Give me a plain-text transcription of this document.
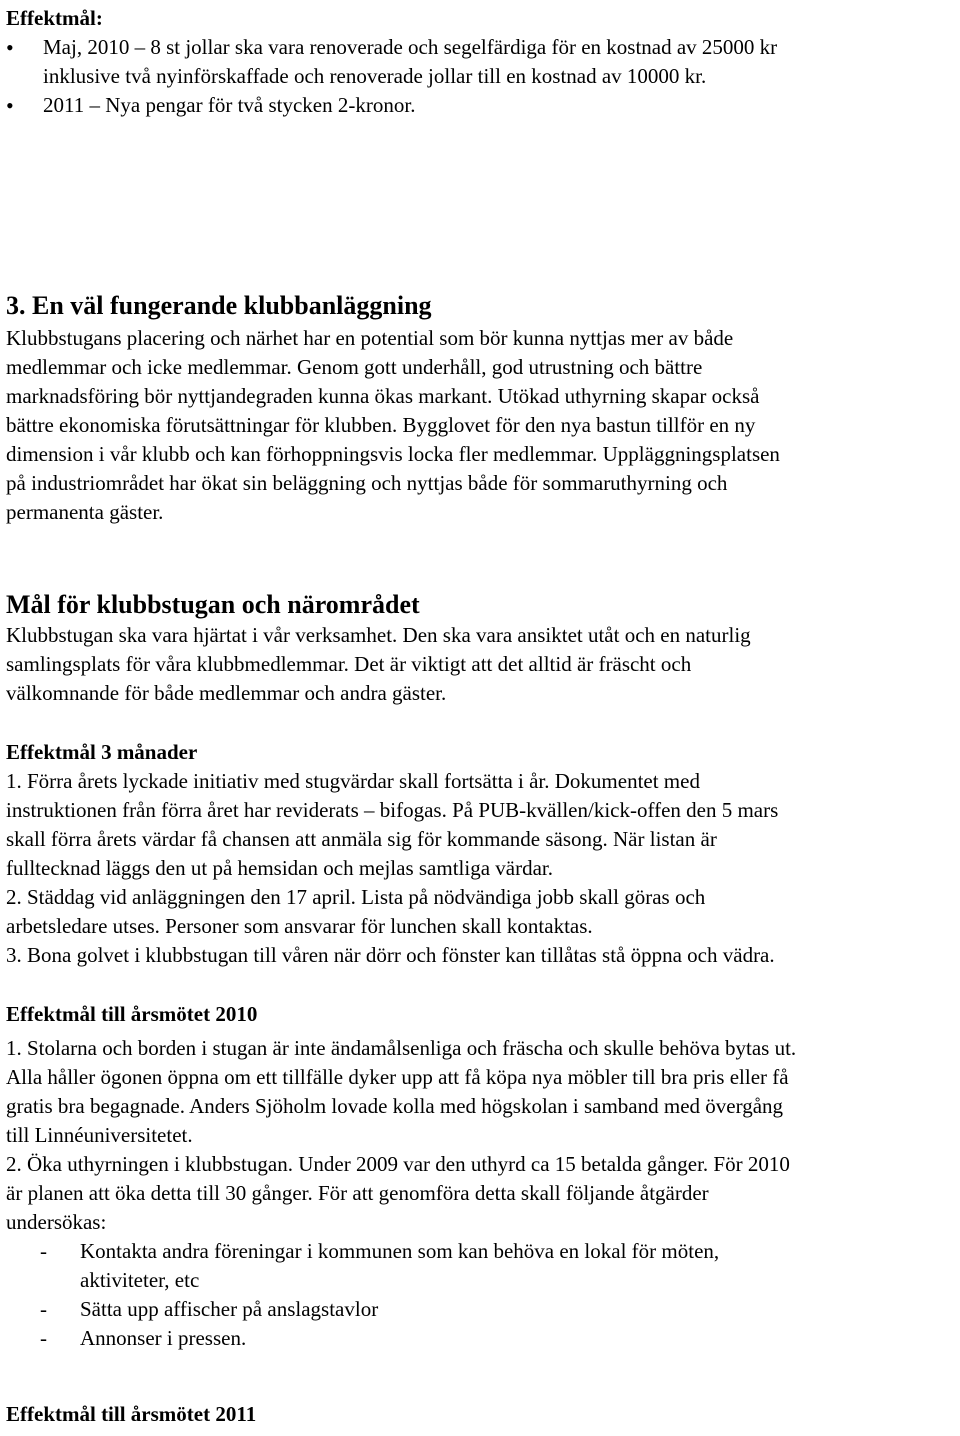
Effektmål:
•
Maj, 2010 – 8 st jollar ska vara renoverade och segelfärdiga för en kostnad av 25000 kr
inklusive två nyinförskaffade och renoverade jollar till en kostnad av 10000 kr.
•
2011 – Nya pengar för två stycken 2-kronor.
3. En väl fungerande klubbanläggning
Klubbstugans placering och närhet har en potential som bör kunna nyttjas mer av både
medlemmar och icke medlemmar. Genom gott underhåll, god utrustning och bättre
marknadsföring bör nyttjandegraden kunna ökas markant. Utökad uthyrning skapar också
bättre ekonomiska förutsättningar för klubben. Bygglovet för den nya bastun tillför en ny
dimension i vår klubb och kan förhoppningsvis locka fler medlemmar. Uppläggningsplatsen
på industriområdet har ökat sin beläggning och nyttjas både för sommaruthyrning och
permanenta gäster.
Mål för klubbstugan och närområdet
Klubbstugan ska vara hjärtat i vår verksamhet. Den ska vara ansiktet utåt och en naturlig
samlingsplats för våra klubbmedlemmar. Det är viktigt att det alltid är fräscht och
välkomnande för både medlemmar och andra gäster.
Effektmål 3 månader
1. Förra årets lyckade initiativ med stugvärdar skall fortsätta i år. Dokumentet med
instruktionen från förra året har reviderats – bifogas. På PUB-kvällen/kick-offen den 5 mars
skall förra årets värdar få chansen att anmäla sig för kommande säsong. När listan är
fulltecknad läggs den ut på hemsidan och mejlas samtliga värdar.
2. Städdag vid anläggningen den 17 april. Lista på nödvändiga jobb skall göras och
arbetsledare utses. Personer som ansvarar för lunchen skall kontaktas.
3. Bona golvet i klubbstugan till våren när dörr och fönster kan tillåtas stå öppna och vädra.
Effektmål till årsmötet 2010
1. Stolarna och borden i stugan är inte ändamålsenliga och fräscha och skulle behöva bytas ut.
Alla håller ögonen öppna om ett tillfälle dyker upp att få köpa nya möbler till bra pris eller få
gratis bra begagnade. Anders Sjöholm lovade kolla med högskolan i samband med övergång
till Linnéuniversitetet.
2. Öka uthyrningen i klubbstugan. Under 2009 var den uthyrd ca 15 betalda gånger. För 2010
är planen att öka detta till 30 gånger. För att genomföra detta skall följande åtgärder
undersökas:
- Kontakta andra föreningar i kommunen som kan behöva en lokal för möten,
aktiviteter, etc
- Sätta upp affischer på anslagstavlor
- Annonser i pressen.
Effektmål till årsmötet 2011
